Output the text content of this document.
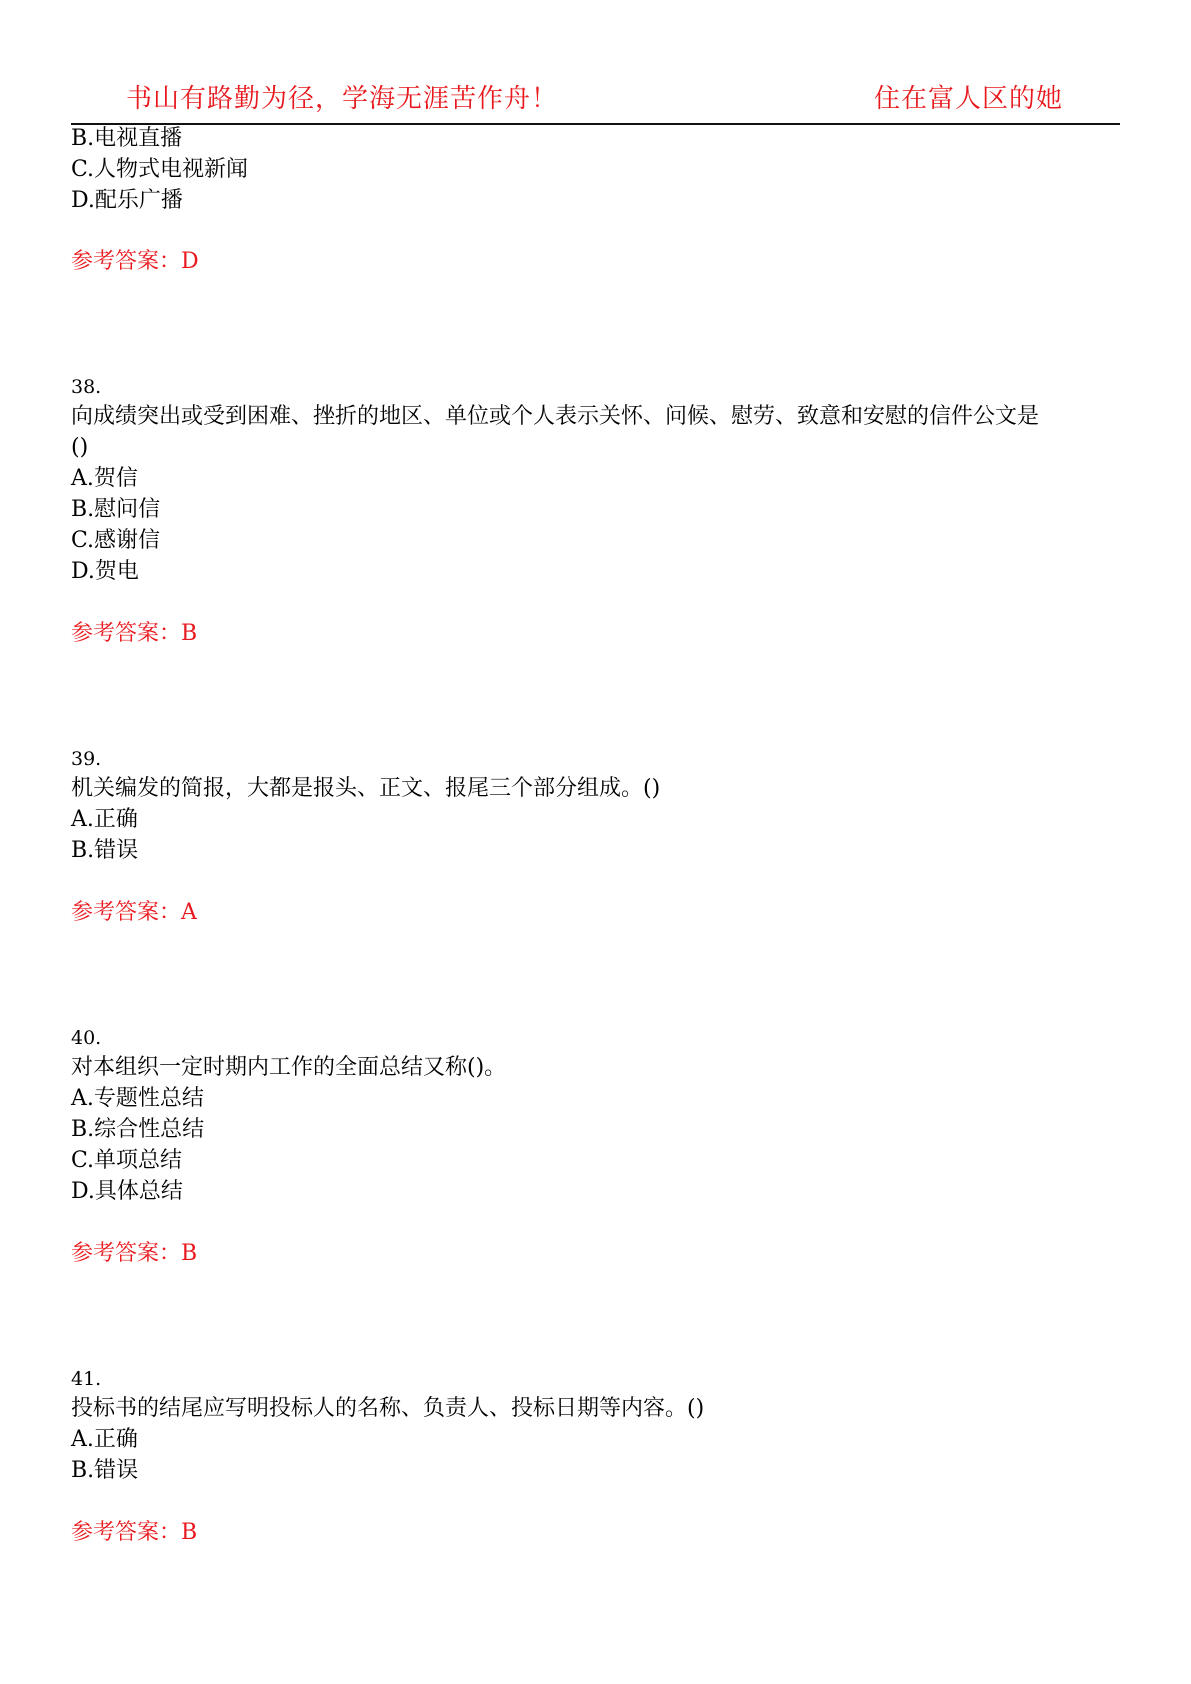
书山有路勤为径，学海无涯苦作舟！	住在富人区的她
B.电视直播
C.人物式电视新闻
D.配乐广播
参考答案：D
38.
向成绩突出或受到困难、挫折的地区、单位或个人表示关怀、问候、慰劳、致意和安慰的信件公文是
()
A.贺信
B.慰问信
C.感谢信
D.贺电
参考答案：B
39.
机关编发的简报，大都是报头、正文、报尾三个部分组成。()
A.正确
B.错误
参考答案：A
40.
对本组织一定时期内工作的全面总结又称()。
A.专题性总结
B.综合性总结
C.单项总结
D.具体总结
参考答案：B
41.
投标书的结尾应写明投标人的名称、负责人、投标日期等内容。()
A.正确
B.错误
参考答案：B
